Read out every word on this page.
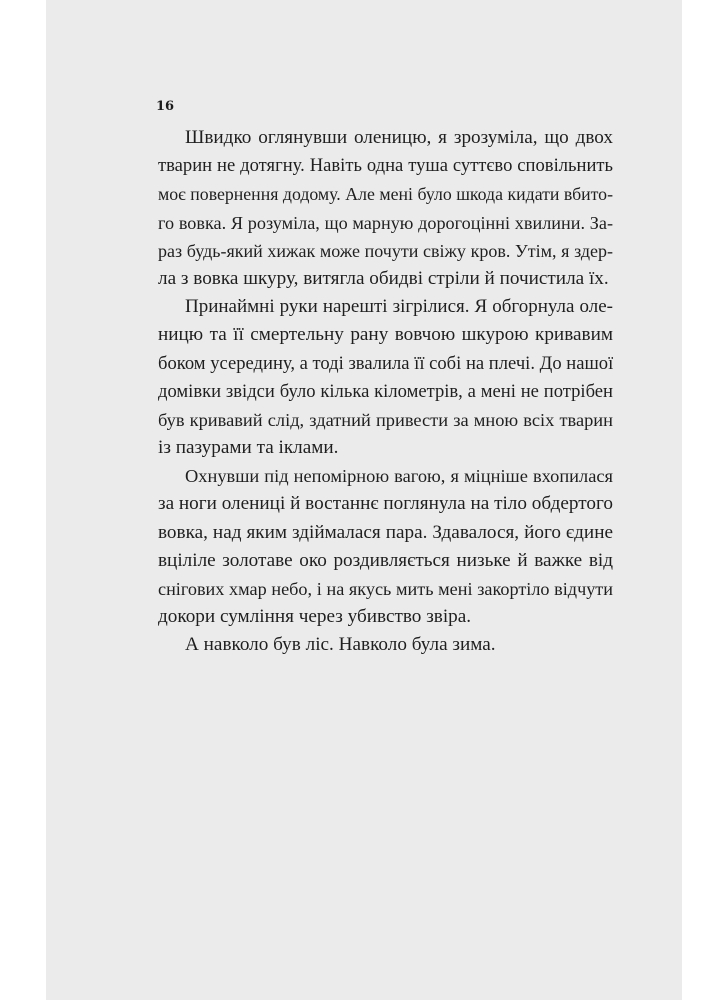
16
Швидко оглянувши оленицю, я зрозуміла, що двох
тварин не дотягну. Навіть одна туша суттєво сповільнить
моє повернення додому. Але мені було шкода кидати вбито-
го вовка. Я розуміла, що марную дорогоцінні хвилини. За-
раз будь-який хижак може почути свіжу кров. Утім, я здер-
ла з вовка шкуру, витягла обидві стріли й почистила їх.
Принаймні руки нарешті зігрілися. Я обгорнула оле-
ницю та її смертельну рану вовчою шкурою кривавим
боком усередину, а тоді звалила її собі на плечі. До нашої
домівки звідси було кілька кілометрів, а мені не потрібен
був кривавий слід, здатний привести за мною всіх тварин
із пазурами та іклами.
Охнувши під непомірною вагою, я міцніше вхопилася
за ноги олениці й востаннє поглянула на тіло обдертого
вовка, над яким здіймалася пара. Здавалося, його єдине
вціліле золотаве око роздивляється низьке й важке від
снігових хмар небо, і на якусь мить мені закортіло відчути
докори сумління через убивство звіра.
А навколо був ліс. Навколо була зима.
